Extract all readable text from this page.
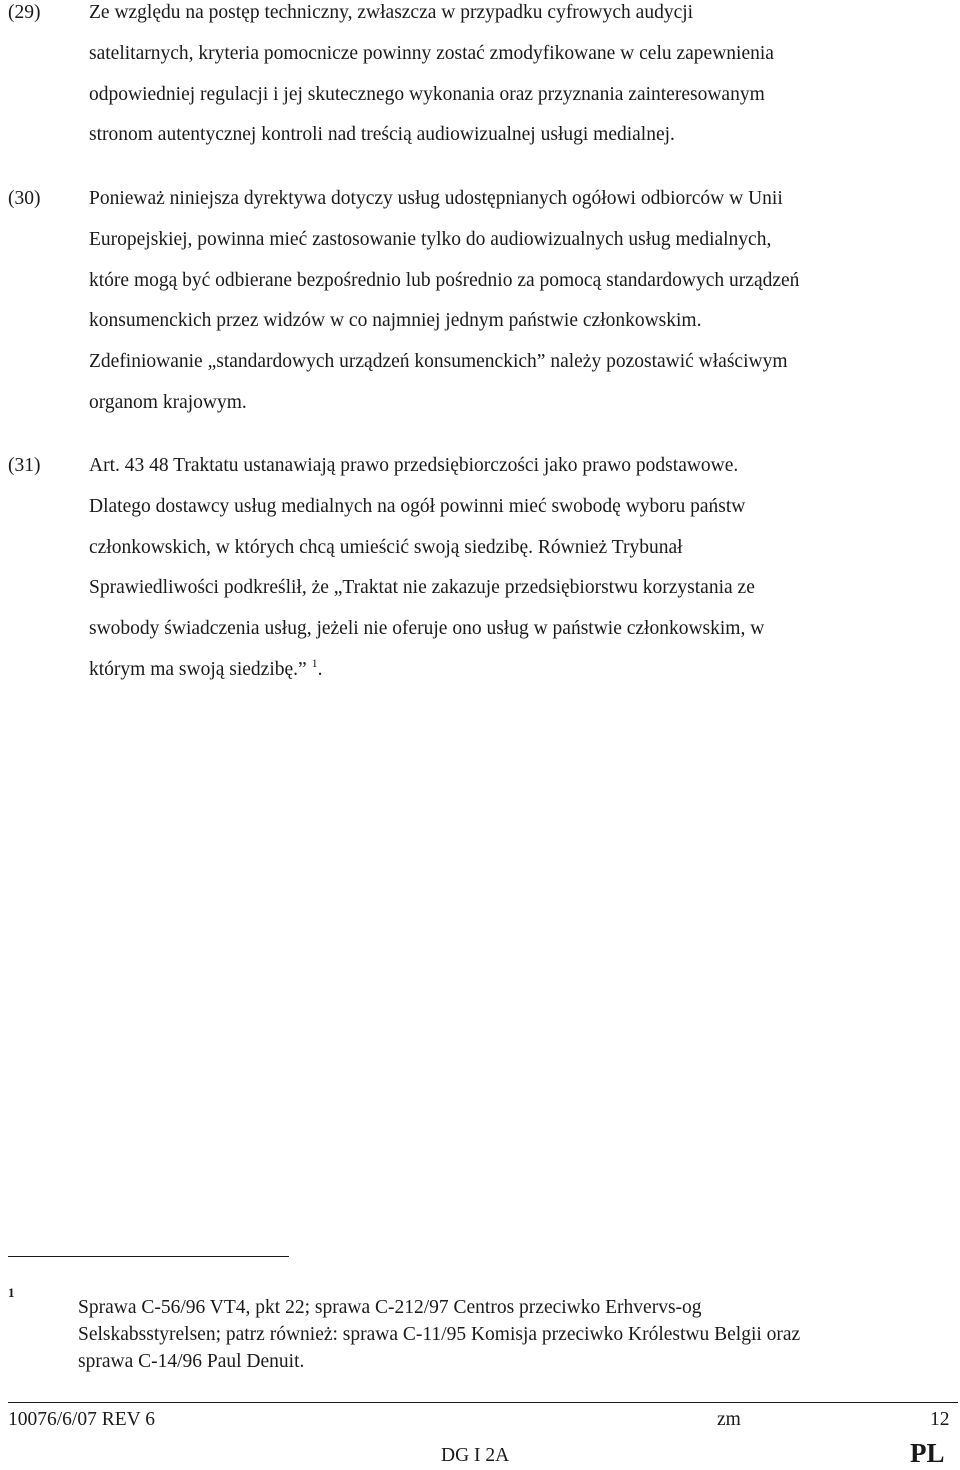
(29) Ze względu na postęp techniczny, zwłaszcza w przypadku cyfrowych audycji
satelitarnych, kryteria pomocnicze powinny zostać zmodyfikowane w celu zapewnienia
odpowiedniej regulacji i jej skutecznego wykonania oraz przyznania zainteresowanym
stronom autentycznej kontroli nad treścią audiowizualnej usługi medialnej.
(30) Ponieważ niniejsza dyrektywa dotyczy usług udostępnianych ogółowi odbiorców w Unii
Europejskiej, powinna mieć zastosowanie tylko do audiowizualnych usług medialnych,
które mogą być odbierane bezpośrednio lub pośrednio za pomocą standardowych urządzeń
konsumenckich przez widzów w co najmniej jednym państwie członkowskim.
Zdefiniowanie „standardowych urządzeń konsumenckich” należy pozostawić właściwym
organom krajowym.
(31) Art. 43 48 Traktatu ustanawiają prawo przedsiębiorczości jako prawo podstawowe.
Dlatego dostawcy usług medialnych na ogół powinni mieć swobodę wyboru państw
członkowskich, w których chcą umieścić swoją siedzibę. Również Trybunał
Sprawiedliwości podkreślił, że „Traktat nie zakazuje przedsiębiorstwu korzystania ze
swobody świadczenia usług, jeżeli nie oferuje ono usług w państwie członkowskim, w
którym ma swoją siedzibę.” $^1$.
1
Sprawa C-56/96 VT4, pkt 22; sprawa C-212/97 Centros przeciwko Erhvervs-og
Selskabsstyrelsen; patrz również: sprawa C-11/95 Komisja przeciwko Królestwu Belgii oraz
sprawa C-14/96 Paul Denuit.
10076/6/07 REV 6	zm	12
DG I 2A	PL
